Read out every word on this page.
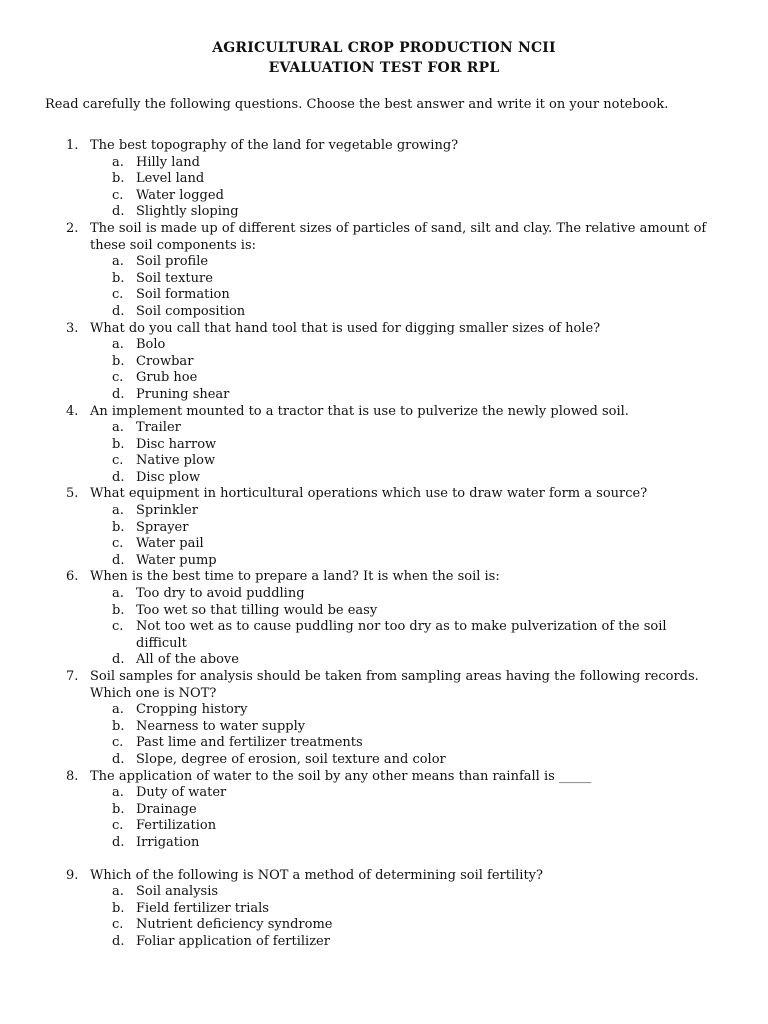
AGRICULTURAL CROP PRODUCTION NCII
EVALUATION TEST FOR RPL
Read carefully the following questions. Choose the best answer and write it on your notebook.
1. The best topography of the land for vegetable growing?
a. Hilly land
b. Level land
c. Water logged
d. Slightly sloping
2. The soil is made up of different sizes of particles of sand, silt and clay. The relative amount of these soil components is:
a. Soil profile
b. Soil texture
c. Soil formation
d. Soil composition
3. What do you call that hand tool that is used for digging smaller sizes of hole?
a. Bolo
b. Crowbar
c. Grub hoe
d. Pruning shear
4. An implement mounted to a tractor that is use to pulverize the newly plowed soil.
a. Trailer
b. Disc harrow
c. Native plow
d. Disc plow
5. What equipment in horticultural operations which use to draw water form a source?
a. Sprinkler
b. Sprayer
c. Water pail
d. Water pump
6. When is the best time to prepare a land? It is when the soil is:
a. Too dry to avoid puddling
b. Too wet so that tilling would be easy
c. Not too wet as to cause puddling nor too dry as to make pulverization of the soil difficult
d. All of the above
7. Soil samples for analysis should be taken from sampling areas having the following records. Which one is NOT?
a. Cropping history
b. Nearness to water supply
c. Past lime and fertilizer treatments
d. Slope, degree of erosion, soil texture and color
8. The application of water to the soil by any other means than rainfall is _____
a. Duty of water
b. Drainage
c. Fertilization
d. Irrigation
9. Which of the following is NOT a method of determining soil fertility?
a. Soil analysis
b. Field fertilizer trials
c. Nutrient deficiency syndrome
d. Foliar application of fertilizer
